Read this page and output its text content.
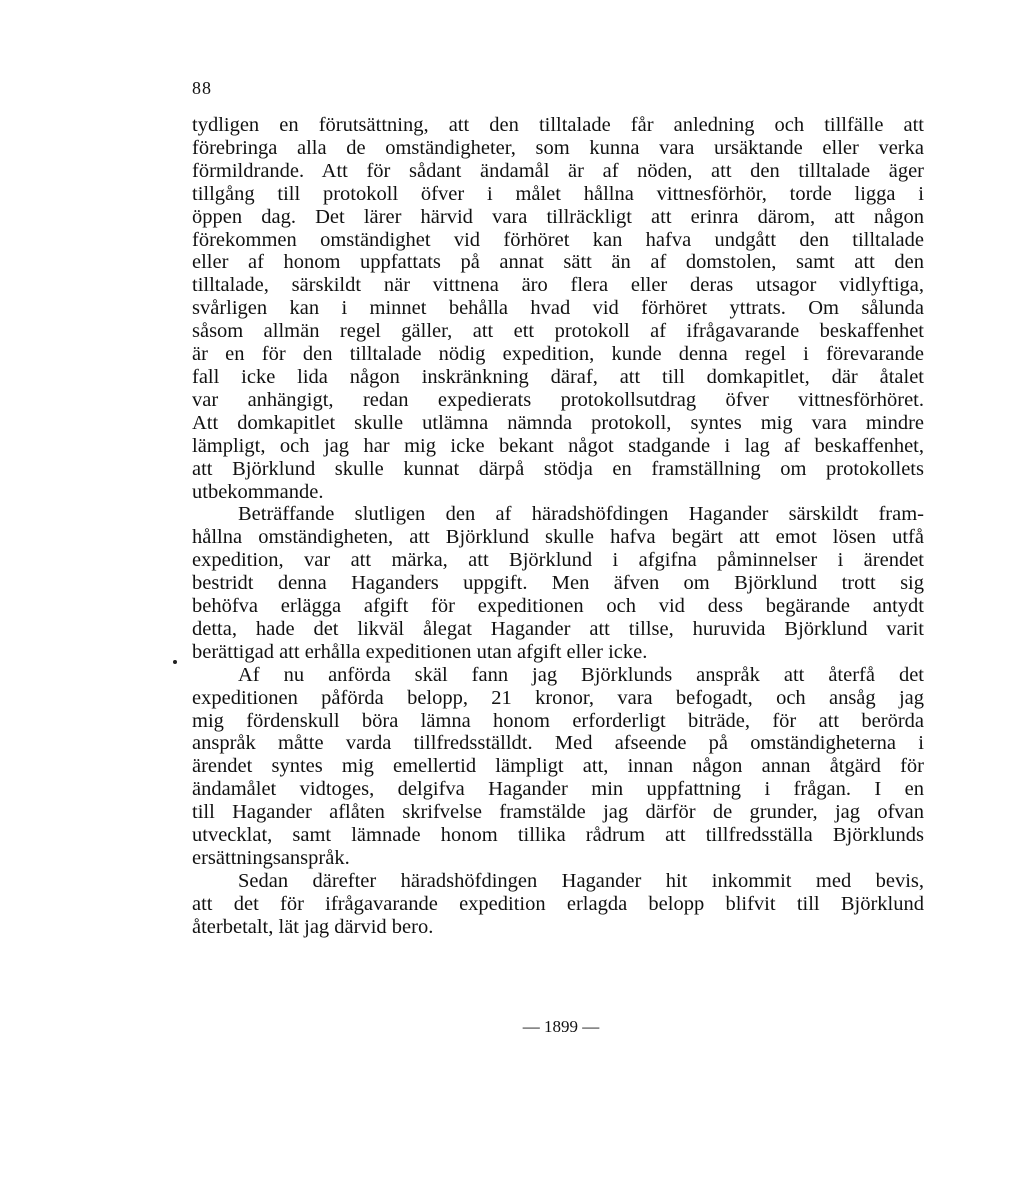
88
tydligen en förutsättning, att den tilltalade får anledning och tillfälle att
förebringa alla de omständigheter, som kunna vara ursäktande eller verka
förmildrande. Att för sådant ändamål är af nöden, att den tilltalade äger
tillgång till protokoll öfver i målet hållna vittnesförhör, torde ligga i
öppen dag. Det lärer härvid vara tillräckligt att erinra därom, att någon
förekommen omständighet vid förhöret kan hafva undgått den tilltalade
eller af honom uppfattats på annat sätt än af domstolen, samt att den
tilltalade, särskildt när vittnena äro flera eller deras utsagor vidlyftiga,
svårligen kan i minnet behålla hvad vid förhöret yttrats. Om sålunda
såsom allmän regel gäller, att ett protokoll af ifrågavarande beskaffenhet
är en för den tilltalade nödig expedition, kunde denna regel i förevarande
fall icke lida någon inskränkning däraf, att till domkapitlet, där åtalet
var anhängigt, redan expedierats protokollsutdrag öfver vittnesförhöret.
Att domkapitlet skulle utlämna nämnda protokoll, syntes mig vara mindre
lämpligt, och jag har mig icke bekant något stadgande i lag af beskaffenhet,
att Björklund skulle kunnat därpå stödja en framställning om protokollets
utbekommande.
Beträffande slutligen den af häradshöfdingen Hagander särskildt fram-
hållna omständigheten, att Björklund skulle hafva begärt att emot lösen utfå
expedition, var att märka, att Björklund i afgifna påminnelser i ärendet
bestridt denna Haganders uppgift. Men äfven om Björklund trott sig
behöfva erlägga afgift för expeditionen och vid dess begärande antydt
detta, hade det likväl ålegat Hagander att tillse, huruvida Björklund varit
berättigad att erhålla expeditionen utan afgift eller icke.
Af nu anförda skäl fann jag Björklunds anspråk att återfå det
expeditionen påförda belopp, 21 kronor, vara befogadt, och ansåg jag
mig fördenskull böra lämna honom erforderligt biträde, för att berörda
anspråk måtte varda tillfredsställdt. Med afseende på omständigheterna i
ärendet syntes mig emellertid lämpligt att, innan någon annan åtgärd för
ändamålet vidtoges, delgifva Hagander min uppfattning i frågan. I en
till Hagander aflåten skrifvelse framstälde jag därför de grunder, jag ofvan
utvecklat, samt lämnade honom tillika rådrum att tillfredsställa Björklunds
ersättningsanspråk.
Sedan därefter häradshöfdingen Hagander hit inkommit med bevis,
att det för ifrågavarande expedition erlagda belopp blifvit till Björklund
återbetalt, lät jag därvid bero.
— 1899 —
